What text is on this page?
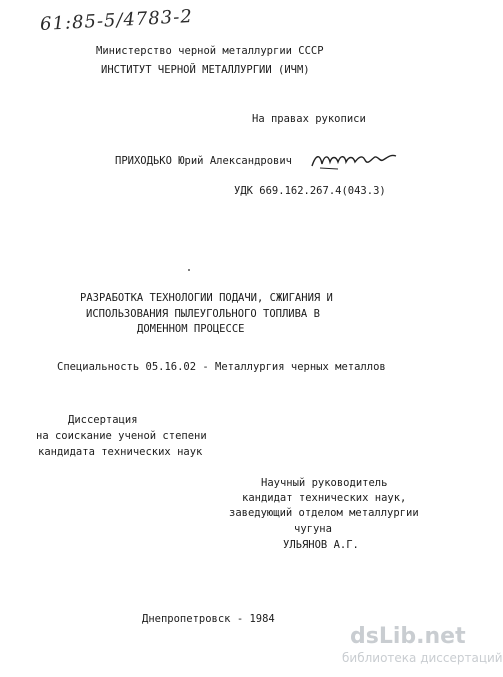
61:85-5/4783-2
Министерство черной металлургии СССР
ИНСТИТУТ ЧЕРНОЙ МЕТАЛЛУРГИИ (ИЧМ)
На правах рукописи
ПРИХОДЬКО Юрий Александрович
УДК 669.162.267.4(043.3)
РАЗРАБОТКА ТЕХНОЛОГИИ ПОДАЧИ, СЖИГАНИЯ И
ИСПОЛЬЗОВАНИЯ ПЫЛЕУГОЛЬНОГО ТОПЛИВА В
ДОМЕННОМ ПРОЦЕССЕ
Специальность 05.16.02 - Металлургия черных металлов
Диссертация
на соискание ученой степени
кандидата технических наук
Научный руководитель
кандидат технических наук,
заведующий отделом металлургии
чугуна
УЛЬЯНОВ А.Г.
Днепропетровск - 1984
dsLib.net
библиотека диссертаций
